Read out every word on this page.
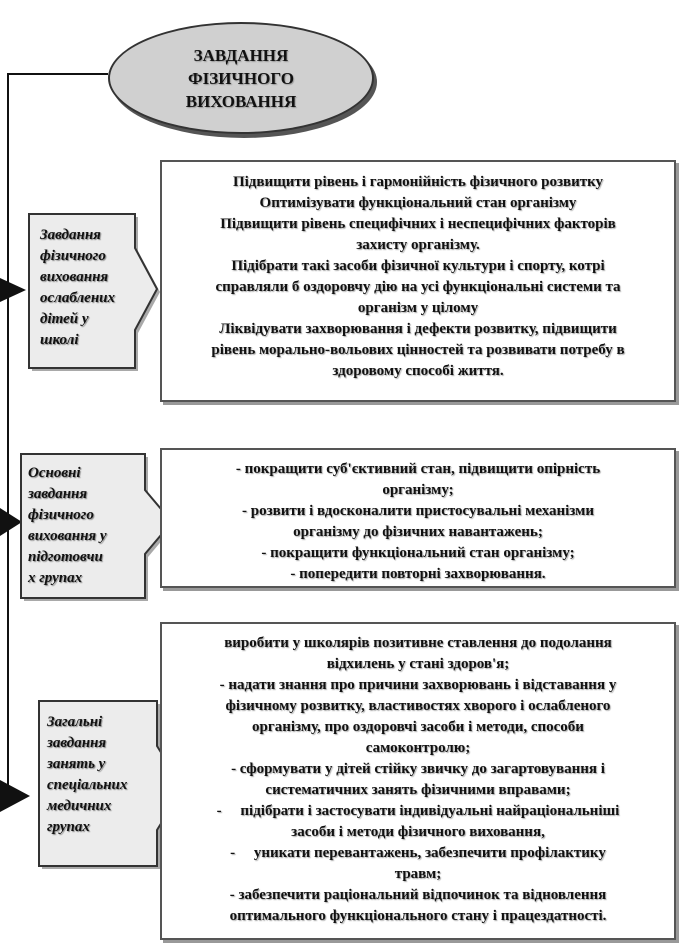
ЗАВДАННЯ
ФІЗИЧНОГО
ВИХОВАННЯ
Завдання
фізичного
виховання
ослаблених
дітей у
школі
Основні
завдання
фізичного
виховання у
підготовчи
х групах
Загальні
завдання
занять у
спеціальних
медичних
групах

Підвищити рівень і гармонійність фізичного розвитку

Оптимізувати функціональний стан організму

Підвищити рівень специфічних і неспецифічних факторів

захисту організму.

Підібрати такі засоби фізичної культури і спорту, котрі

справляли б оздоровчу дію на усі функціональні системи та

організм у цілому

Ліквідувати захворювання і дефекти розвитку, підвищити

рівень морально-вольових цінностей та розвивати потребу в

здоровому способі життя.

- покращити суб'єктивний стан, підвищити опірність

організму;

- розвити і вдосконалити пристосувальні механізми

організму до фізичних навантажень;

- покращити функціональний стан організму;

- попередити повторні захворювання.

виробити у школярів позитивне ставлення до подолання

відхилень у стані здоров'я;

- надати знання про причини захворювань і відставання у

фізичному розвитку, властивостях хворого і ослабленого

організму, про оздоровчі засоби і методи, способи

самоконтролю;

- сформувати у дітей стійку звичку до загартовування і

систематичних занять фізичними вправами;

-     підібрати і застосувати індивідуальні найраціональніші

засоби і методи фізичного виховання,

-     уникати перевантажень, забезпечити профілактику

травм;

- забезпечити раціональний відпочинок та відновлення

оптимального функціонального стану і працездатності.
